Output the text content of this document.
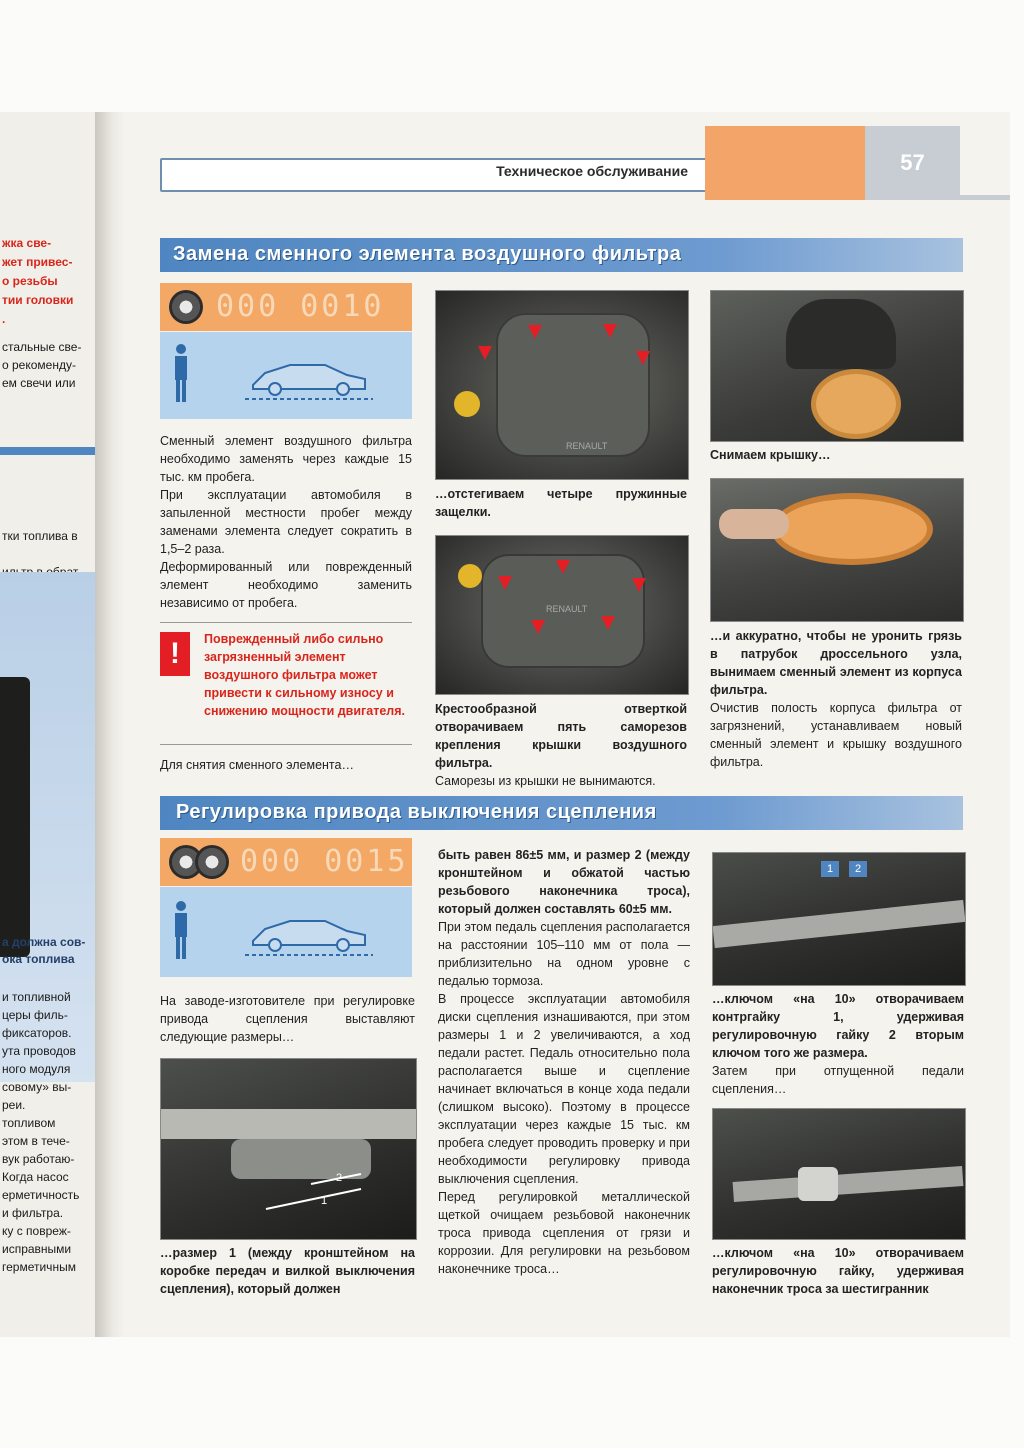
жка све-
жет привес-
о резьбы
тии головки
.
стальные све-
о рекоменду-
ем свечи или
тки топлива в
а должна сов-
ока топлива
и топливной
церы филь-
фиксаторов.
ута проводов
ного модуля
совому» вы-
реи.
топливом
этом в тече-
вук работаю-
Когда насос
ерметичность
и фильтра.
ку с повреж-
исправными
герметичным
Техническое обслуживание	57
Замена сменного элемента воздушного фильтра
000 0010
Сменный элемент воздушного фильтра необходимо заменять через каждые 15 тыс. км пробега.
При эксплуатации автомобиля в запыленной местности пробег между заменами элемента следует сократить в 1,5–2 раза.
Деформированный или поврежденный элемент необходимо заменить независимо от пробега.
!	Поврежденный либо сильно загрязненный элемент воздушного фильтра может привести к сильному износу и снижению мощности двигателя.
Для снятия сменного элемента…
RENAULT
…отстегиваем четыре пружинные защелки.
RENAULT
Крестообразной отверткой отворачиваем пять саморезов крепления крышки воздушного фильтра.
Саморезы из крышки не вынимаются.
Снимаем крышку…
…и аккуратно, чтобы не уронить грязь в патрубок дроссельного узла, вынимаем сменный элемент из корпуса фильтра.
Очистив полость корпуса фильтра от загрязнений, устанавливаем новый сменный элемент и крышку воздушного фильтра.
Регулировка привода выключения сцепления
000 0015
На заводе-изготовителе при регулировке привода сцепления выставляют следующие размеры…
1
2
…размер 1 (между кронштейном на коробке передач и вилкой выключения сцепления), который должен
быть равен 86±5 мм, и размер 2 (между кронштейном и обжатой частью резьбового наконечника троса), который должен составлять 60±5 мм.
При этом педаль сцепления располагается на расстоянии 105–110 мм от пола — приблизительно на одном уровне с педалью тормоза.
В процессе эксплуатации автомобиля диски сцепления изнашиваются, при этом размеры 1 и 2 увеличиваются, а ход педали растет. Педаль относительно пола располагается выше и сцепление начинает включаться в конце хода педали (слишком высоко). Поэтому в процессе эксплуатации через каждые 15 тыс. км пробега следует проводить проверку и при необходимости регулировку привода выключения сцепления.
Перед регулировкой металлической щеткой очищаем резьбовой наконечник троса привода сцепления от грязи и коррозии. Для регулировки на резьбовом наконечнике троса…
1	2
…ключом «на 10» отворачиваем контргайку 1, удерживая регулировочную гайку 2 вторым ключом того же размера.
Затем при отпущенной педали сцепления…
…ключом «на 10» отворачиваем регулировочную гайку, удерживая наконечник троса за шестигранник
